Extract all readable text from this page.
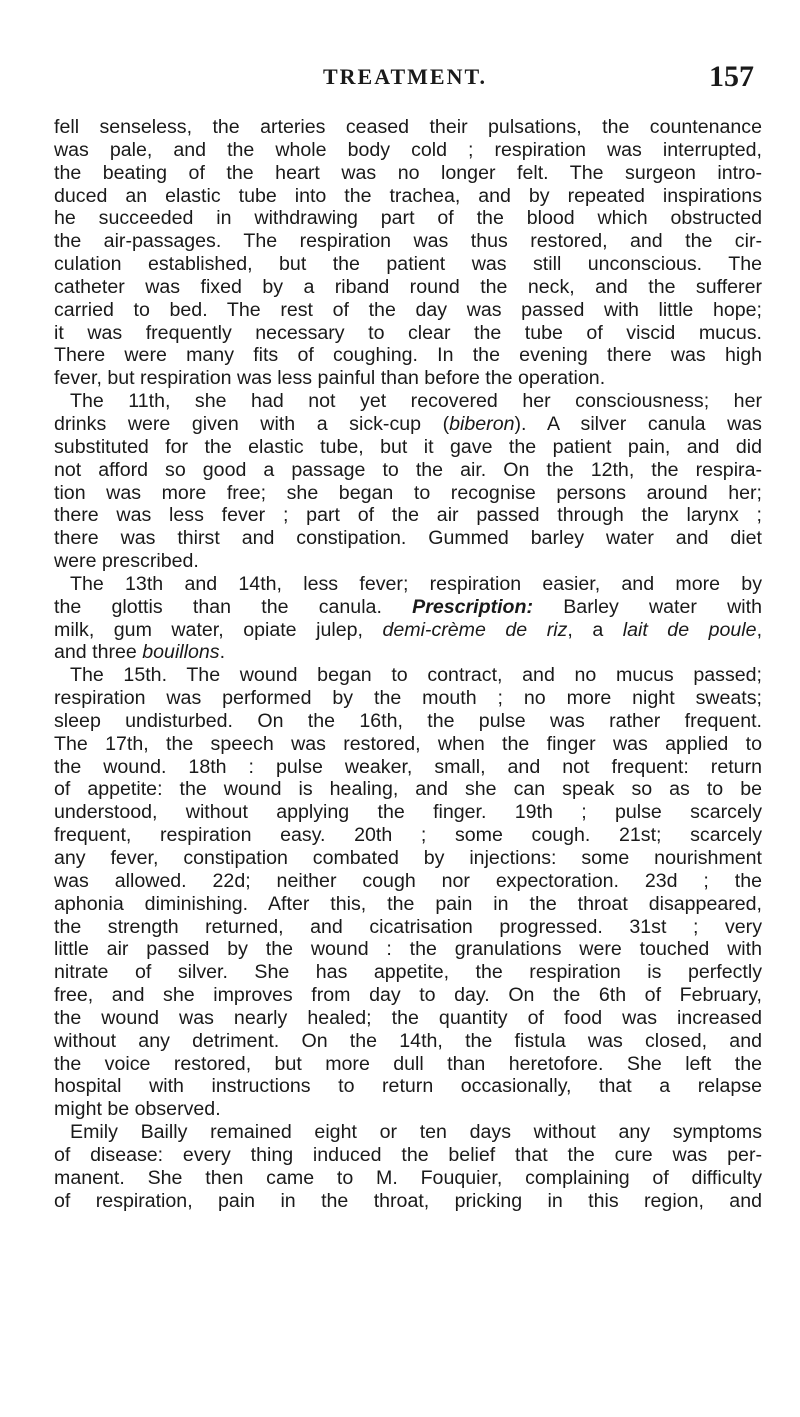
TREATMENT.	157
fell senseless, the arteries ceased their pulsations, the countenance
was pale, and the whole body cold ; respiration was interrupted,
the beating of the heart was no longer felt. The surgeon intro-
duced an elastic tube into the trachea, and by repeated inspirations
he succeeded in withdrawing part of the blood which obstructed
the air-passages. The respiration was thus restored, and the cir-
culation established, but the patient was still unconscious. The
catheter was fixed by a riband round the neck, and the sufferer
carried to bed. The rest of the day was passed with little hope;
it was frequently necessary to clear the tube of viscid mucus.
There were many fits of coughing. In the evening there was high
fever, but respiration was less painful than before the operation.
The 11th, she had not yet recovered her consciousness; her
drinks were given with a sick-cup (biberon). A silver canula was
substituted for the elastic tube, but it gave the patient pain, and did
not afford so good a passage to the air. On the 12th, the respira-
tion was more free; she began to recognise persons around her;
there was less fever ; part of the air passed through the larynx ;
there was thirst and constipation. Gummed barley water and diet
were prescribed.
The 13th and 14th, less fever; respiration easier, and more by
the glottis than the canula. Prescription: Barley water with
milk, gum water, opiate julep, demi-crème de riz, a lait de poule,
and three bouillons.
The 15th. The wound began to contract, and no mucus passed;
respiration was performed by the mouth ; no more night sweats;
sleep undisturbed. On the 16th, the pulse was rather frequent.
The 17th, the speech was restored, when the finger was applied to
the wound. 18th : pulse weaker, small, and not frequent: return
of appetite: the wound is healing, and she can speak so as to be
understood, without applying the finger. 19th ; pulse scarcely
frequent, respiration easy. 20th ; some cough. 21st; scarcely
any fever, constipation combated by injections: some nourishment
was allowed. 22d; neither cough nor expectoration. 23d ; the
aphonia diminishing. After this, the pain in the throat disappeared,
the strength returned, and cicatrisation progressed. 31st ; very
little air passed by the wound : the granulations were touched with
nitrate of silver. She has appetite, the respiration is perfectly
free, and she improves from day to day. On the 6th of February,
the wound was nearly healed; the quantity of food was increased
without any detriment. On the 14th, the fistula was closed, and
the voice restored, but more dull than heretofore. She left the
hospital with instructions to return occasionally, that a relapse
might be observed.
Emily Bailly remained eight or ten days without any symptoms
of disease: every thing induced the belief that the cure was per-
manent. She then came to M. Fouquier, complaining of difficulty
of respiration, pain in the throat, pricking in this region, and
